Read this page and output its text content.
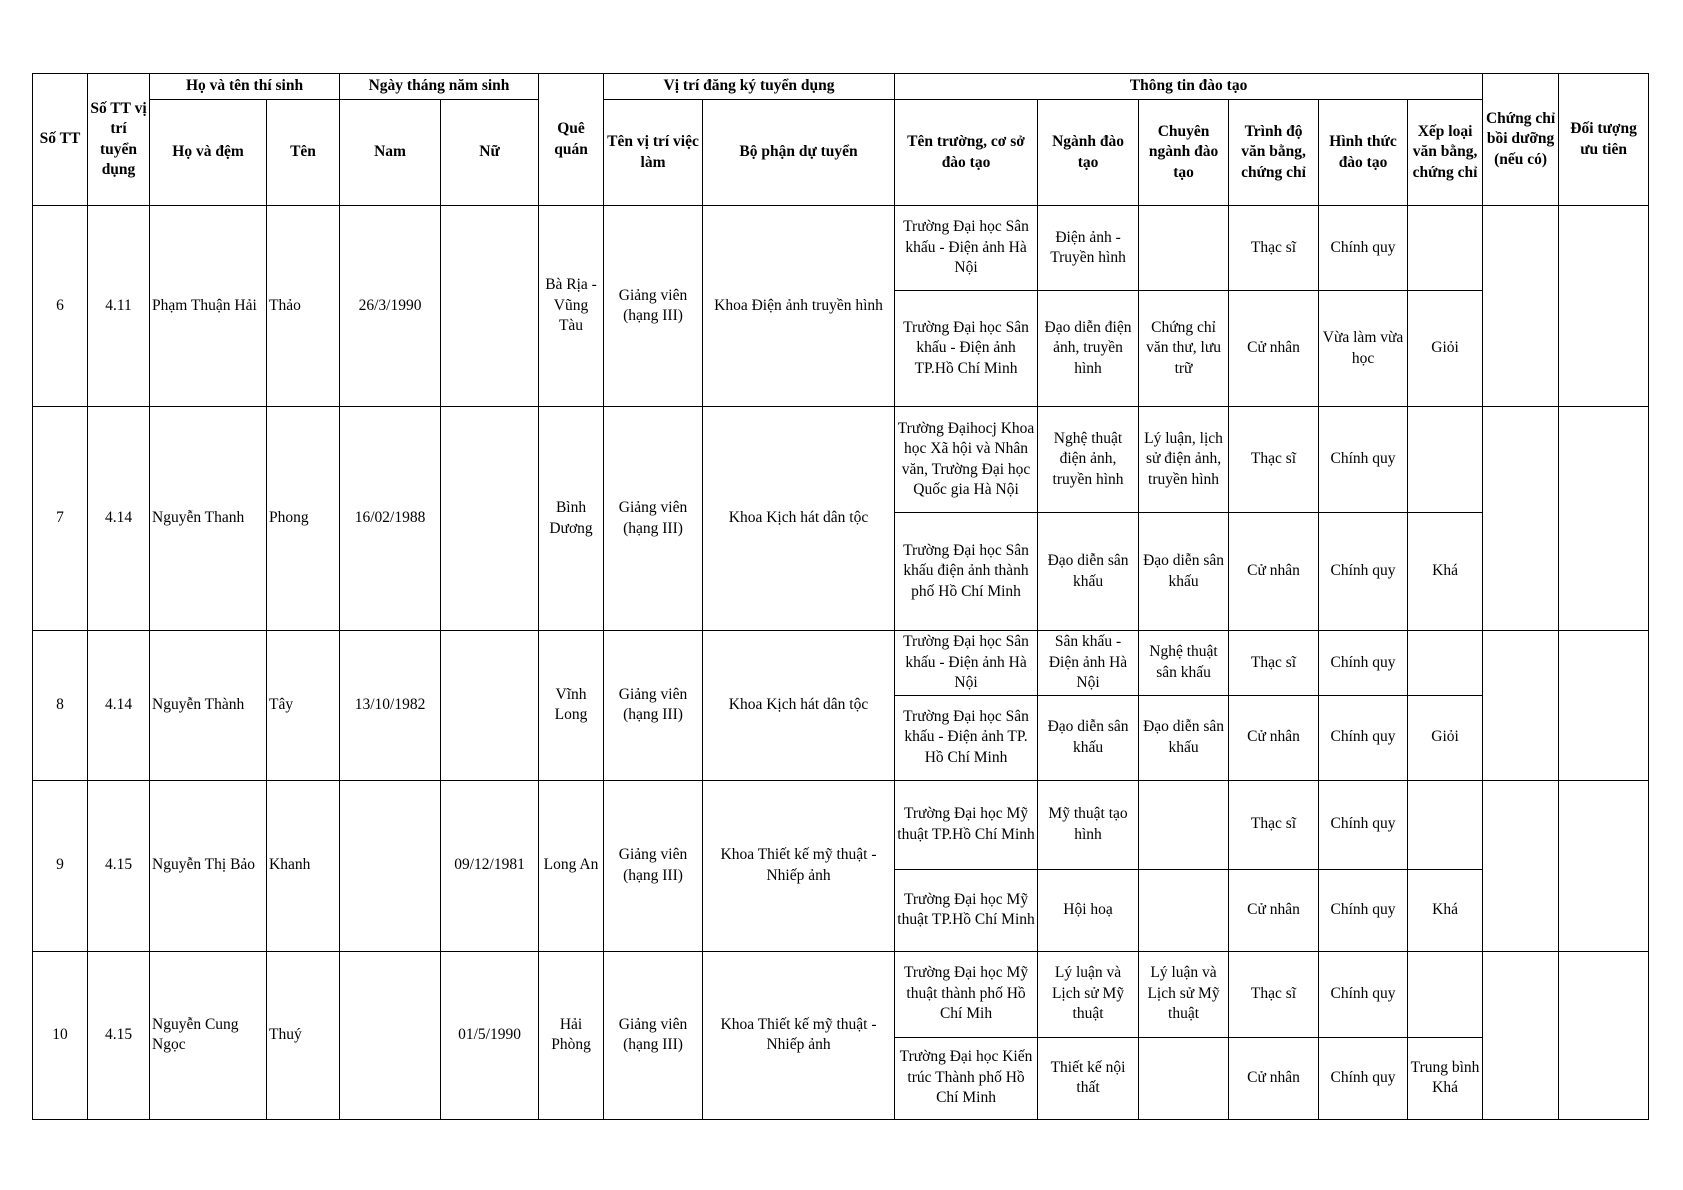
Số TT	Số TT vị trí tuyển dụng	Họ và tên thí sinh		Ngày tháng năm sinh		Quê quán	Vị trí đăng ký tuyển dụng		Thông tin đào tạo						Chứng chỉ bồi dưỡng (nếu có)	Đối tượng ưu tiên
		Họ và đệm	Tên	Nam	Nữ		Tên vị trí việc làm	Bộ phận dự tuyển	Tên trường, cơ sở đào tạo	Ngành đào tạo	Chuyên ngành đào tạo	Trình độ văn bằng, chứng chỉ	Hình thức đào tạo	Xếp loại văn bằng, chứng chỉ		
6	4.11	Phạm Thuận Hải	Thảo	26/3/1990		Bà Rịa - Vũng Tàu	Giảng viên (hạng III)	Khoa Điện ảnh truyền hình	Trường Đại học Sân khấu - Điện ảnh Hà Nội	Điện ảnh - Truyền hình		Thạc sĩ	Chính quy			
									Trường Đại học Sân khấu - Điện ảnh TP.Hồ Chí Minh	Đạo diễn điện ảnh, truyền hình	Chứng chỉ văn thư, lưu trữ	Cử nhân	Vừa làm vừa học	Giỏi		
7	4.14	Nguyễn Thanh	Phong	16/02/1988		Bình Dương	Giảng viên (hạng III)	Khoa Kịch hát dân tộc	Trường Đạihocj Khoa học Xã hội và Nhân văn, Trường Đại học Quốc gia Hà Nội	Nghệ thuật điện ảnh, truyền hình	Lý luận, lịch sử điện ảnh, truyền hình	Thạc sĩ	Chính quy			
									Trường Đại học Sân khấu điện ảnh thành phố Hồ Chí Minh	Đạo diễn sân khấu	Đạo diễn sân khấu	Cử nhân	Chính quy	Khá		
8	4.14	Nguyễn Thành	Tây	13/10/1982		Vĩnh Long	Giảng viên (hạng III)	Khoa Kịch hát dân tộc	Trường Đại học Sân khấu - Điện ảnh Hà Nội	Sân khấu - Điện ảnh Hà Nội	Nghệ thuật sân khấu	Thạc sĩ	Chính quy			
									Trường Đại học Sân khấu - Điện ảnh TP. Hồ Chí Minh	Đạo diễn sân khấu	Đạo diễn sân khấu	Cử nhân	Chính quy	Giỏi		
9	4.15	Nguyễn Thị Bảo	Khanh		09/12/1981	Long An	Giảng viên (hạng III)	Khoa Thiết kế mỹ thuật - Nhiếp ảnh	Trường Đại học Mỹ thuật TP.Hồ Chí Minh	Mỹ thuật tạo hình		Thạc sĩ	Chính quy			
									Trường Đại học Mỹ thuật TP.Hồ Chí Minh	Hội hoạ		Cử nhân	Chính quy	Khá		
10	4.15	Nguyễn Cung Ngọc	Thuý		01/5/1990	Hải Phòng	Giảng viên (hạng III)	Khoa Thiết kế mỹ thuật - Nhiếp ảnh	Trường Đại học Mỹ thuật thành phố Hồ Chí Mih	Lý luận và Lịch sử Mỹ thuật	Lý luận và Lịch sử Mỹ thuật	Thạc sĩ	Chính quy			
									Trường Đại học Kiến trúc Thành phố Hồ Chí Minh	Thiết kế nội thất		Cử nhân	Chính quy	Trung bình Khá		
